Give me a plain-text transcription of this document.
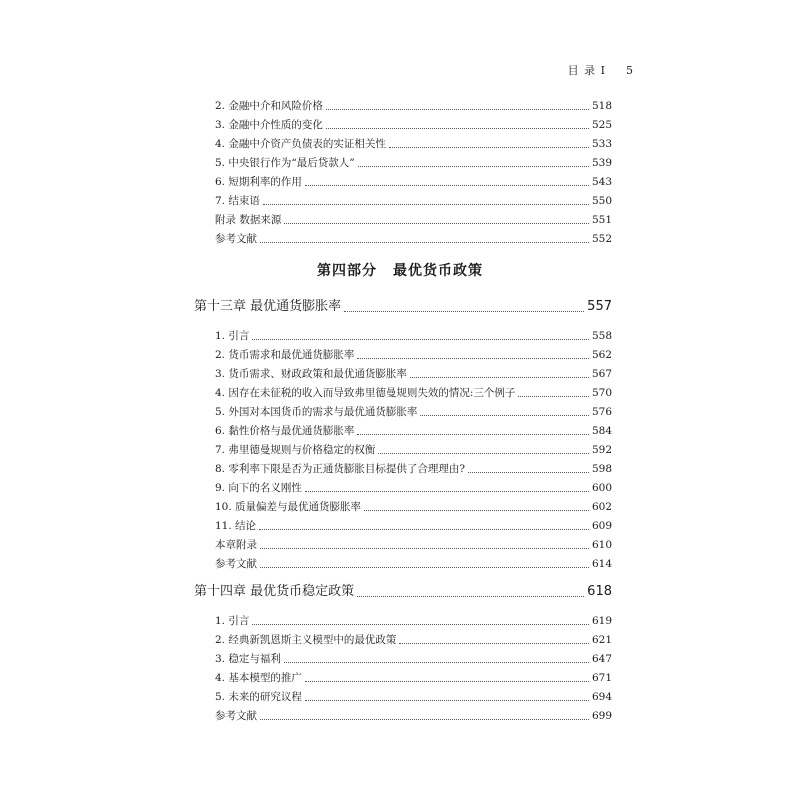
目 录 I 5
2. 金融中介和风险价格	518
3. 金融中介性质的变化	525
4. 金融中介资产负债表的实证相关性	533
5. 中央银行作为“最后贷款人”	539
6. 短期利率的作用	543
7. 结束语	550
附录 数据来源	551
参考文献	552
第四部分 最优货币政策
第十三章 最优通货膨胀率	557
1. 引言	558
2. 货币需求和最优通货膨胀率	562
3. 货币需求、财政政策和最优通货膨胀率	567
4. 因存在未征税的收入而导致弗里德曼规则失效的情况:三个例子	570
5. 外国对本国货币的需求与最优通货膨胀率	576
6. 黏性价格与最优通货膨胀率	584
7. 弗里德曼规则与价格稳定的权衡	592
8. 零利率下限是否为正通货膨胀目标提供了合理理由?	598
9. 向下的名义刚性	600
10. 质量偏差与最优通货膨胀率	602
11. 结论	609
本章附录	610
参考文献	614
第十四章 最优货币稳定政策	618
1. 引言	619
2. 经典新凯恩斯主义模型中的最优政策	621
3. 稳定与福利	647
4. 基本模型的推广	671
5. 未来的研究议程	694
参考文献	699
